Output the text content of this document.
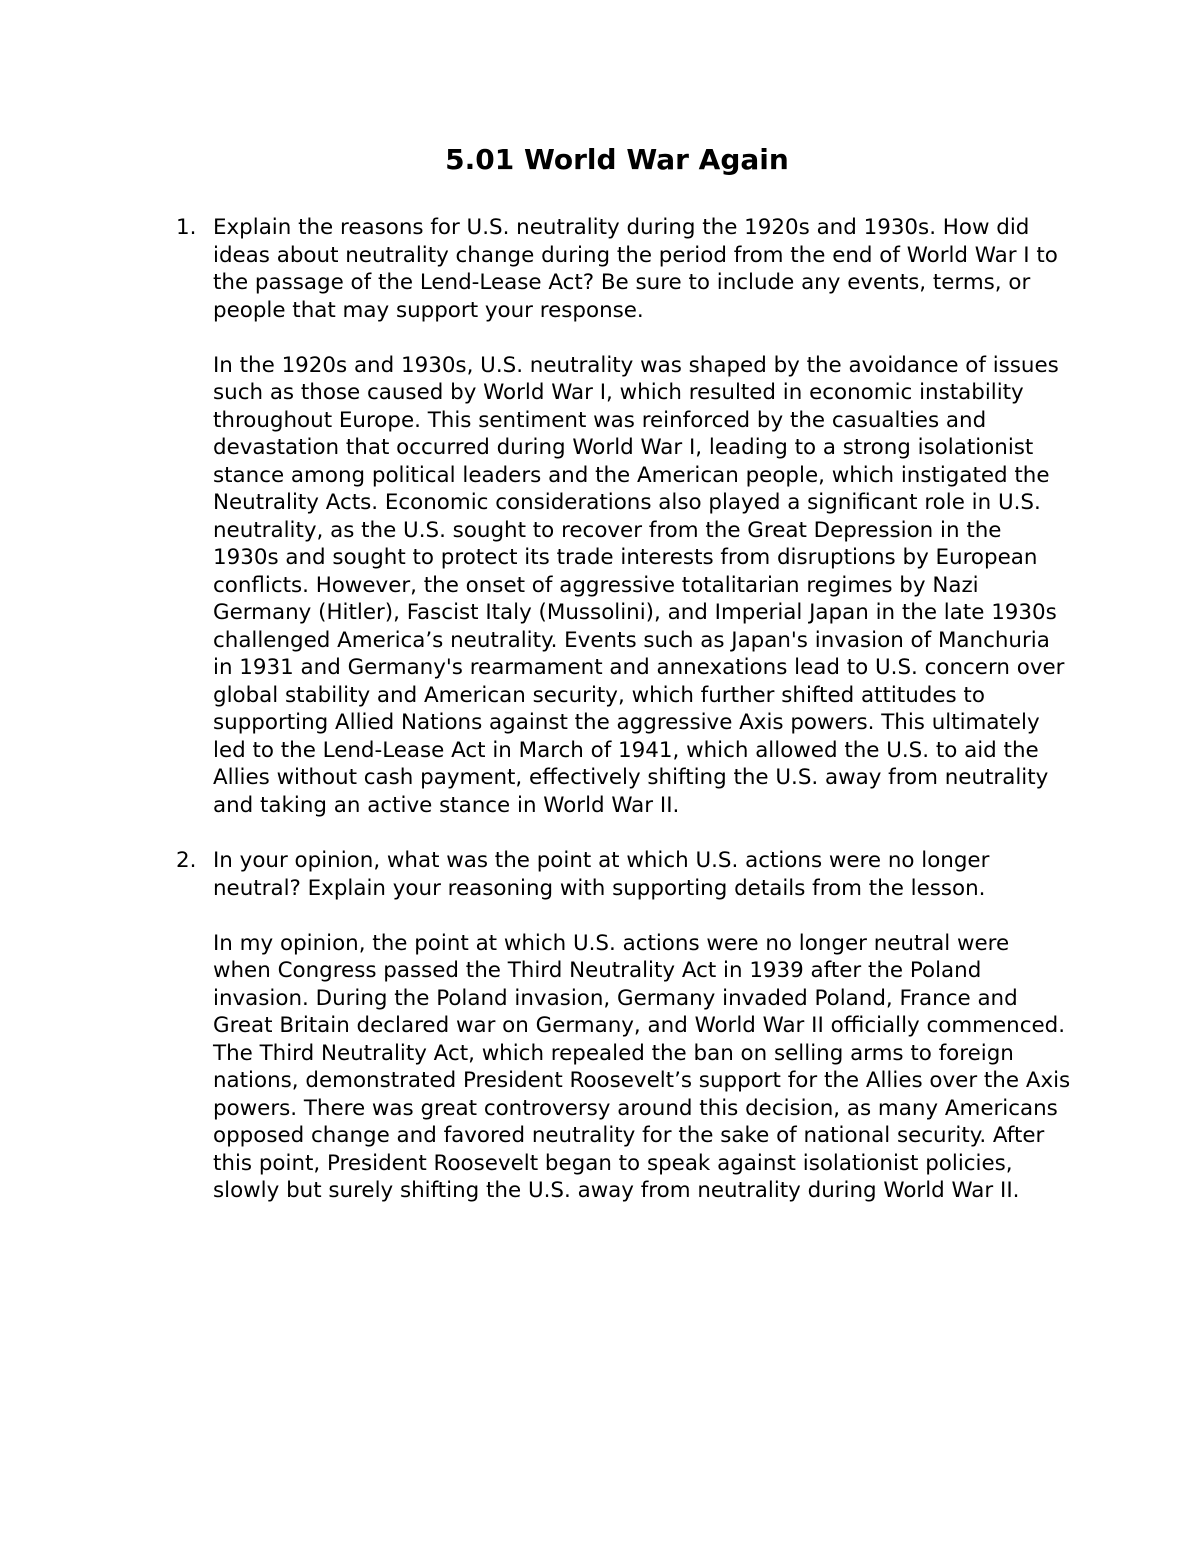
5.01 World War Again
1. Explain the reasons for U.S. neutrality during the 1920s and 1930s. How did ideas about neutrality change during the period from the end of World War I to the passage of the Lend-Lease Act? Be sure to include any events, terms, or people that may support your response.

In the 1920s and 1930s, U.S. neutrality was shaped by the avoidance of issues such as those caused by World War I, which resulted in economic instability throughout Europe. This sentiment was reinforced by the casualties and devastation that occurred during World War I, leading to a strong isolationist stance among political leaders and the American people, which instigated the Neutrality Acts. Economic considerations also played a significant role in U.S. neutrality, as the U.S. sought to recover from the Great Depression in the 1930s and sought to protect its trade interests from disruptions by European conflicts. However, the onset of aggressive totalitarian regimes by Nazi Germany (Hitler), Fascist Italy (Mussolini), and Imperial Japan in the late 1930s challenged America’s neutrality. Events such as Japan's invasion of Manchuria in 1931 and Germany's rearmament and annexations lead to U.S. concern over global stability and American security, which further shifted attitudes to supporting Allied Nations against the aggressive Axis powers. This ultimately led to the Lend-Lease Act in March of 1941, which allowed the U.S. to aid the Allies without cash payment, effectively shifting the U.S. away from neutrality and taking an active stance in World War II.

2. In your opinion, what was the point at which U.S. actions were no longer neutral? Explain your reasoning with supporting details from the lesson.

In my opinion, the point at which U.S. actions were no longer neutral were when Congress passed the Third Neutrality Act in 1939 after the Poland invasion. During the Poland invasion, Germany invaded Poland, France and Great Britain declared war on Germany, and World War II officially commenced. The Third Neutrality Act, which repealed the ban on selling arms to foreign nations, demonstrated President Roosevelt’s support for the Allies over the Axis powers. There was great controversy around this decision, as many Americans opposed change and favored neutrality for the sake of national security. After this point, President Roosevelt began to speak against isolationist policies, slowly but surely shifting the U.S. away from neutrality during World War II.
